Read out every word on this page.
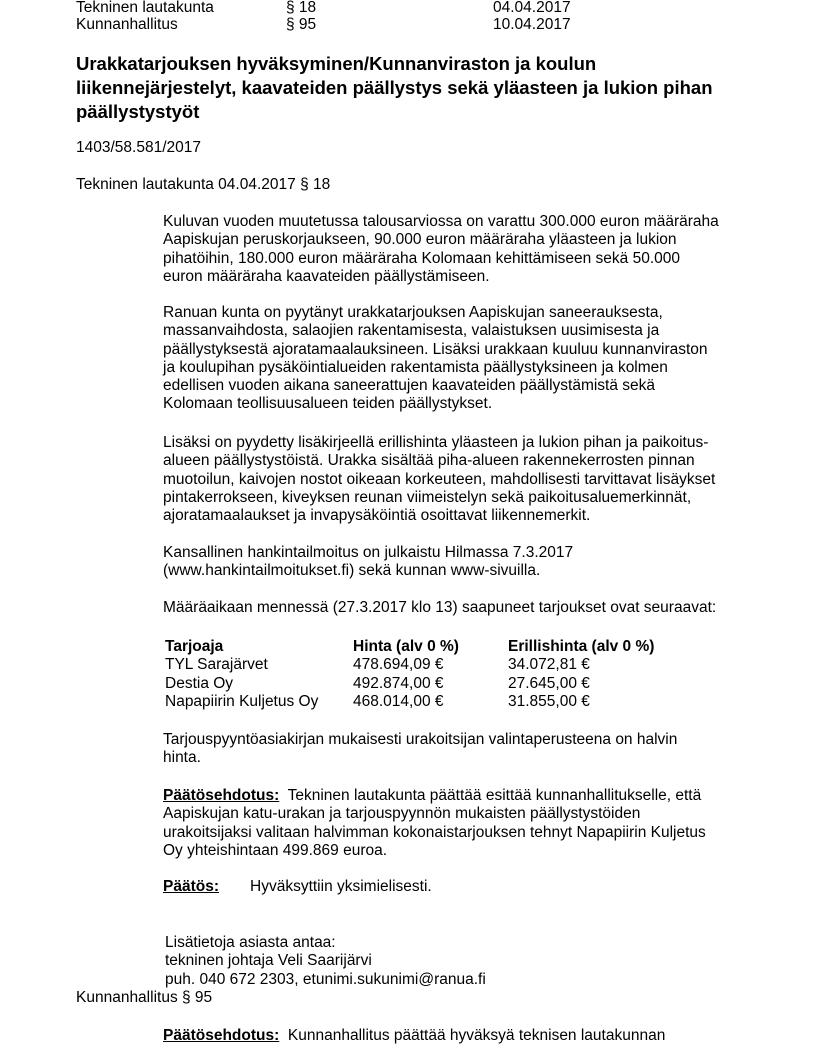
Tekninen lautakunta	§ 18	04.04.2017
Kunnanhallitus	§ 95	10.04.2017
Urakkatarjouksen hyväksyminen/Kunnanviraston ja koulun
liikennejärjestelyt, kaavateiden päällystys sekä yläasteen ja lukion pihan
päällystystyöt
1403/58.581/2017
Tekninen lautakunta 04.04.2017 § 18
Kuluvan vuoden muutetussa talousarviossa on varattu 300.000 euron määräraha
Aapiskujan peruskorjaukseen, 90.000 euron määräraha yläasteen ja lukion
pihatöihin, 180.000 euron määräraha Kolomaan kehittämiseen sekä 50.000
euron määräraha kaavateiden päällystämiseen.
Ranuan kunta on pyytänyt urakkatarjouksen Aapiskujan saneerauksesta,
massanvaihdosta, salaojien rakentamisesta, valaistuksen uusimisesta ja
päällystyksestä ajoratamaalauksineen. Lisäksi urakkaan kuuluu kunnanviraston
ja koulupihan pysäköintialueiden rakentamista päällystyksineen ja kolmen
edellisen vuoden aikana saneerattujen kaavateiden päällystämistä sekä
Kolomaan teollisuusalueen teiden päällystykset.
Lisäksi on pyydetty lisäkirjeellä erillishinta yläasteen ja lukion pihan ja paikoitus-
alueen päällystystöistä. Urakka sisältää piha-alueen rakennekerrosten pinnan
muotoilun, kaivojen nostot oikeaan korkeuteen, mahdollisesti tarvittavat lisäykset
pintakerrokseen, kiveyksen reunan viimeistelyn sekä paikoitusaluemerkinnät,
ajoratamaalaukset ja invapysäköintiä osoittavat liikennemerkit.
Kansallinen hankintailmoitus on julkaistu Hilmassa 7.3.2017
(www.hankintailmoitukset.fi) sekä kunnan www-sivuilla.
Määräaikaan mennessä (27.3.2017 klo 13) saapuneet tarjoukset ovat seuraavat:
Tarjoaja	Hinta (alv 0 %)	Erillishinta (alv 0 %)
TYL Sarajärvet	478.694,09 €	34.072,81 €
Destia Oy	492.874,00 €	27.645,00 €
Napapiirin Kuljetus Oy 468.014,00 €	31.855,00 €
Tarjouspyyntöasiakirjan mukaisesti urakoitsijan valintaperusteena on halvin
hinta.
Päätösehdotus: Tekninen lautakunta päättää esittää kunnanhallitukselle, että
Aapiskujan katu-urakan ja tarjouspyynnön mukaisten päällystystöiden
urakoitsijaksi valitaan halvimman kokonaistarjouksen tehnyt Napapiirin Kuljetus
Oy yhteishintaan 499.869 euroa.
Päätös: Hyväksyttiin yksimielisesti.
Lisätietoja asiasta antaa:
tekninen johtaja Veli Saarijärvi
puh. 040 672 2303, etunimi.sukunimi@ranua.fi
Kunnanhallitus § 95
Päätösehdotus: Kunnanhallitus päättää hyväksyä teknisen lautakunnan
